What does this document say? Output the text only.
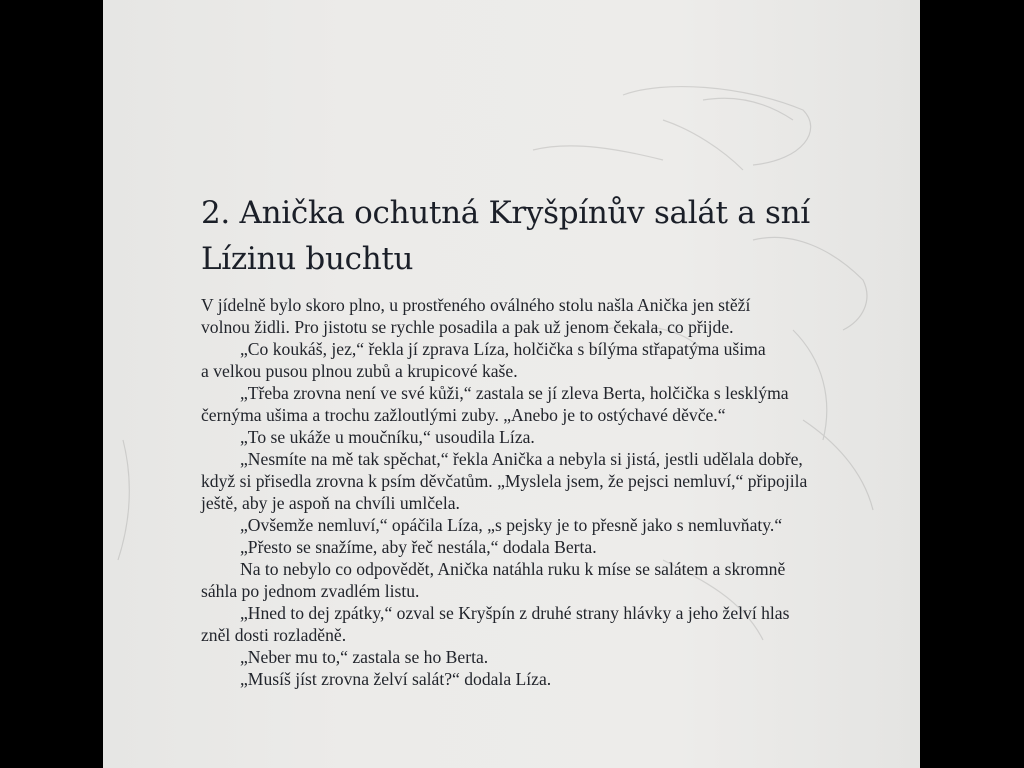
2. Anička ochutná Kryšpínův salát a sní Lízinu buchtu

V jídelně bylo skoro plno, u prostřeného oválného stolu našla Anička jen stěží
volnou židli. Pro jistotu se rychle posadila a pak už jenom čekala, co přijde.

„Co koukáš, jez,“ řekla jí zprava Líza, holčička s bílýma střapatýma ušima
a velkou pusou plnou zubů a krupicové kaše.

„Třeba zrovna není ve své kůži,“ zastala se jí zleva Berta, holčička s lesklýma
černýma ušima a trochu zažloutlými zuby. „Anebo je to ostýchavé děvče.“

„To se ukáže u moučníku,“ usoudila Líza.

„Nesmíte na mě tak spěchat,“ řekla Anička a nebyla si jistá, jestli udělala dobře,
když si přisedla zrovna k psím děvčatům. „Myslela jsem, že pejsci nemluví,“ připojila
ještě, aby je aspoň na chvíli umlčela.

„Ovšemže nemluví,“ opáčila Líza, „s pejsky je to přesně jako s nemluvňaty.“

„Přesto se snažíme, aby řeč nestála,“ dodala Berta.

Na to nebylo co odpovědět, Anička natáhla ruku k míse se salátem a skromně
sáhla po jednom zvadlém listu.

„Hned to dej zpátky,“ ozval se Kryšpín z druhé strany hlávky a jeho želví hlas
zněl dosti rozladěně.

„Neber mu to,“ zastala se ho Berta.

„Musíš jíst zrovna želví salát?“ dodala Líza.
